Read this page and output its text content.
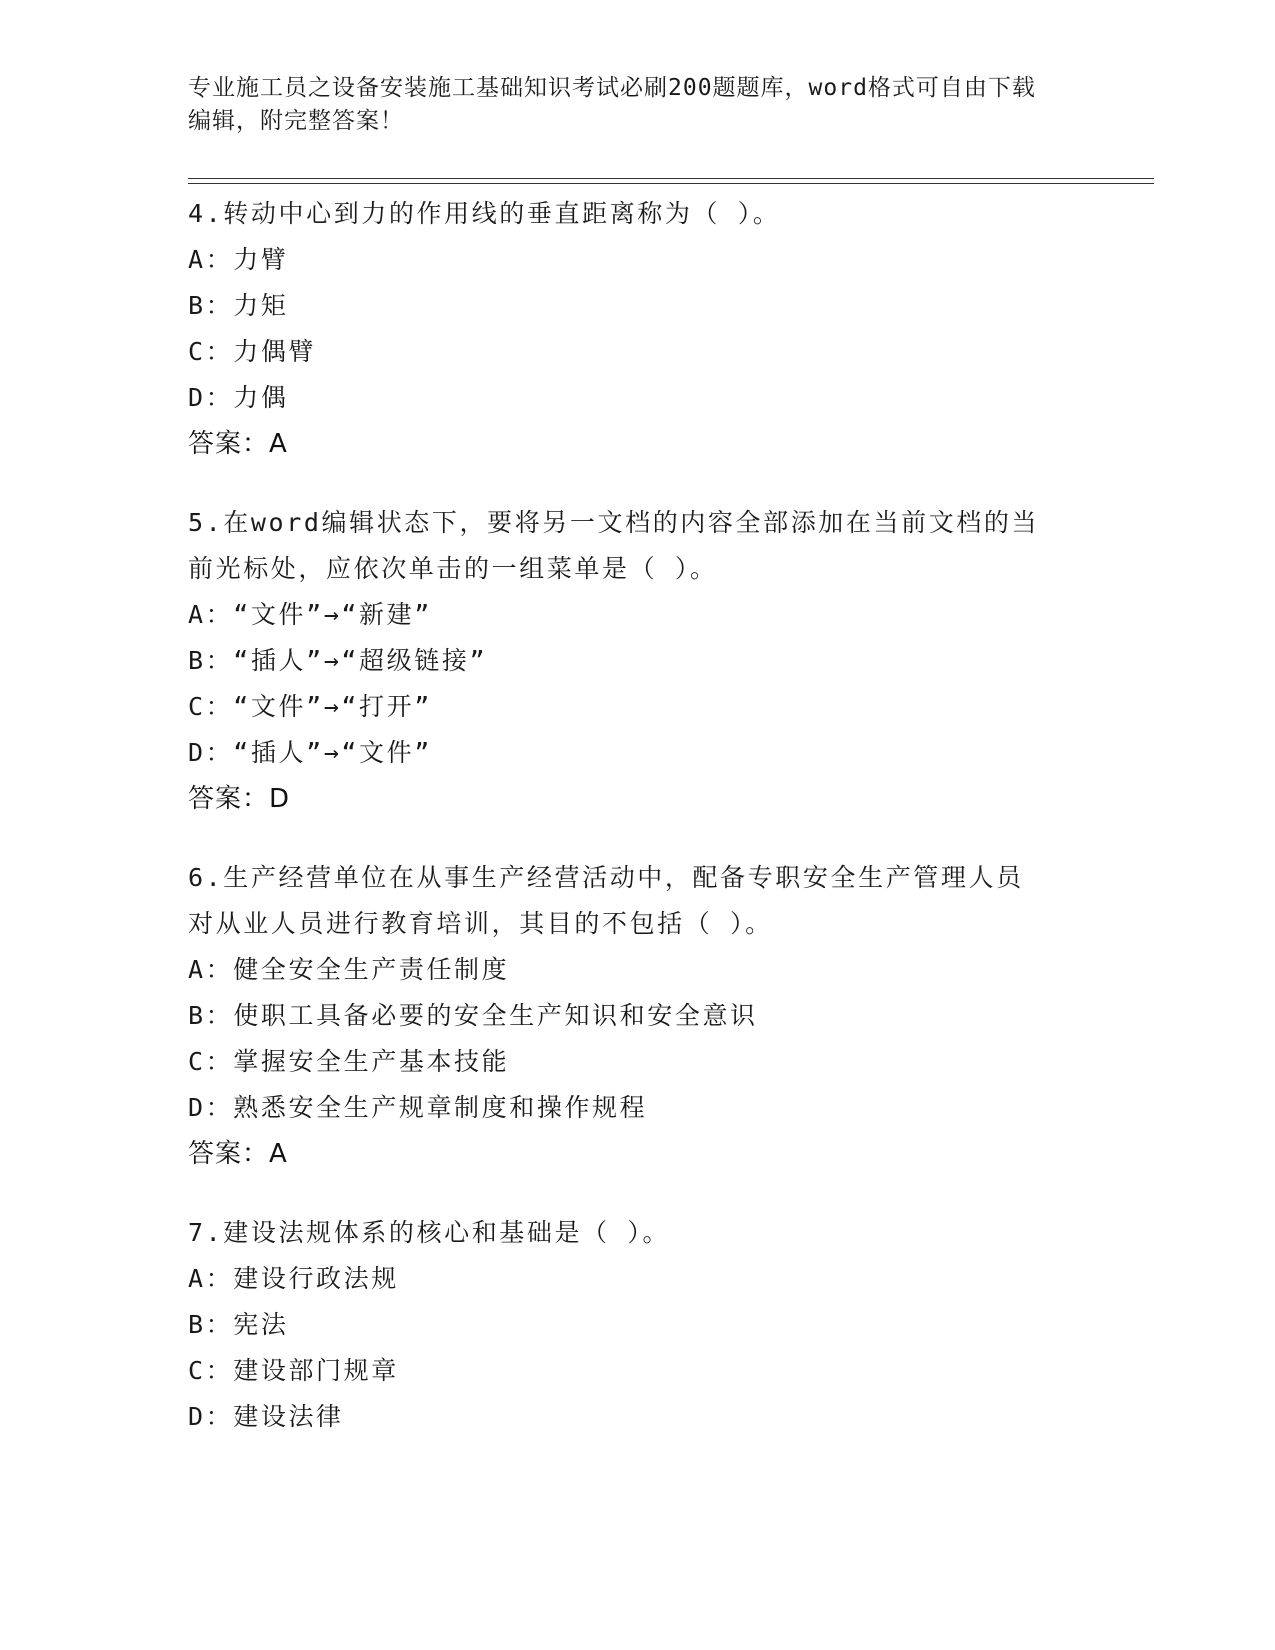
专业施工员之设备安装施工基础知识考试必刷200题题库，word格式可自由下载
编辑，附完整答案！
4.转动中心到力的作用线的垂直距离称为（ ）。
A：力臂
B：力矩
C：力偶臂
D：力偶
答案：A
5.在word编辑状态下，要将另一文档的内容全部添加在当前文档的当
前光标处，应依次单击的一组菜单是（ ）。
A：“文件”→“新建”
B：“插人”→“超级链接”
C：“文件”→“打开”
D：“插人”→“文件”
答案：D
6.生产经营单位在从事生产经营活动中，配备专职安全生产管理人员
对从业人员进行教育培训，其目的不包括（ ）。
A：健全安全生产责任制度
B：使职工具备必要的安全生产知识和安全意识
C：掌握安全生产基本技能
D：熟悉安全生产规章制度和操作规程
答案：A
7.建设法规体系的核心和基础是（ ）。
A：建设行政法规
B：宪法
C：建设部门规章
D：建设法律
